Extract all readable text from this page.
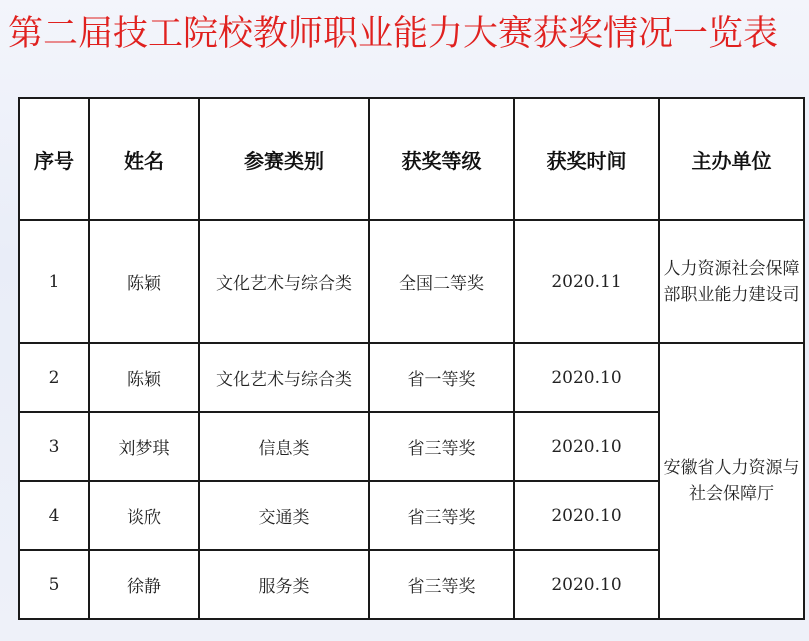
第二届技工院校教师职业能力大赛获奖情况一览表
序号	姓名	参赛类别	获奖等级	获奖时间	主办单位
1	陈颖	文化艺术与综合类	全国二等奖	2020.11	人力资源社会保障部职业能力建设司
2	陈颖	文化艺术与综合类	省一等奖	2020.10	安徽省人力资源与社会保障厅
3	刘梦琪	信息类	省三等奖	2020.10	
4	谈欣	交通类	省三等奖	2020.10	
5	徐静	服务类	省三等奖	2020.10	
